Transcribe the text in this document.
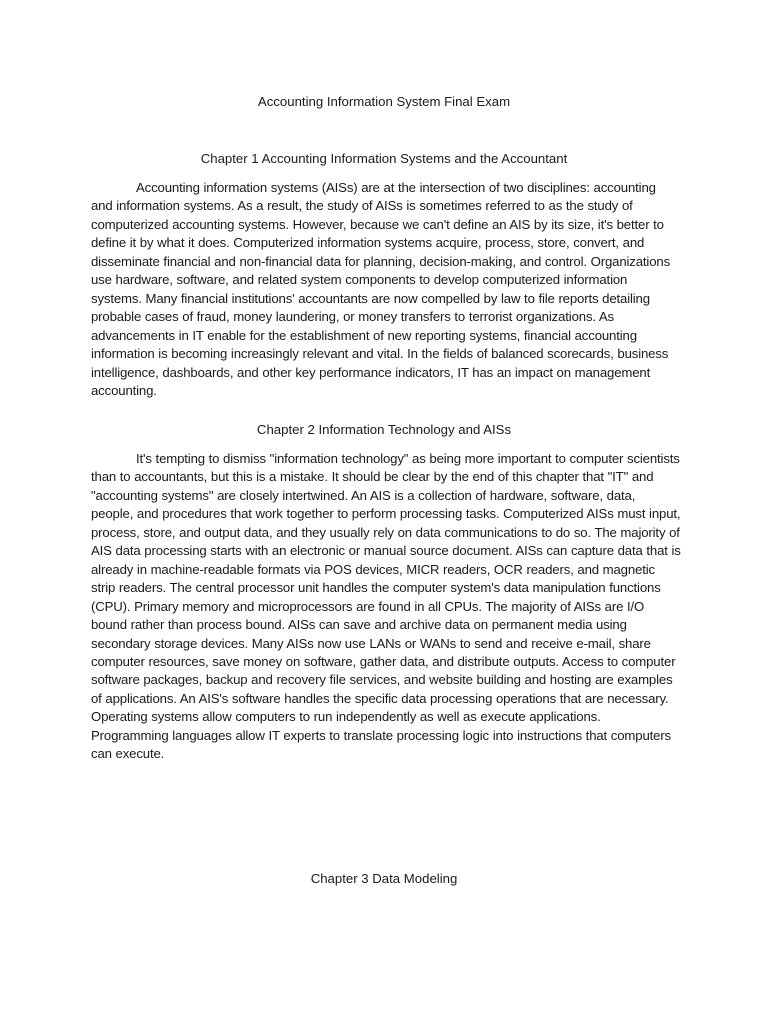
Accounting Information System Final Exam
Chapter 1 Accounting Information Systems and the Accountant

Accounting information systems (AISs) are at the intersection of two disciplines: accounting and information systems. As a result, the study of AISs is sometimes referred to as the study of computerized accounting systems. However, because we can't define an AIS by its size, it's better to define it by what it does. Computerized information systems acquire, process, store, convert, and disseminate financial and non-financial data for planning, decision-making, and control. Organizations use hardware, software, and related system components to develop computerized information systems. Many financial institutions' accountants are now compelled by law to file reports detailing probable cases of fraud, money laundering, or money transfers to terrorist organizations. As advancements in IT enable for the establishment of new reporting systems, financial accounting information is becoming increasingly relevant and vital. In the fields of balanced scorecards, business intelligence, dashboards, and other key performance indicators, IT has an impact on management accounting.

Chapter 2 Information Technology and AISs

It's tempting to dismiss "information technology" as being more important to computer scientists than to accountants, but this is a mistake. It should be clear by the end of this chapter that "IT" and "accounting systems" are closely intertwined. An AIS is a collection of hardware, software, data, people, and procedures that work together to perform processing tasks. Computerized AISs must input, process, store, and output data, and they usually rely on data communications to do so. The majority of AIS data processing starts with an electronic or manual source document. AISs can capture data that is already in machine-readable formats via POS devices, MICR readers, OCR readers, and magnetic strip readers. The central processor unit handles the computer system's data manipulation functions (CPU). Primary memory and microprocessors are found in all CPUs. The majority of AISs are I/O bound rather than process bound. AISs can save and archive data on permanent media using secondary storage devices. Many AISs now use LANs or WANs to send and receive e-mail, share computer resources, save money on software, gather data, and distribute outputs. Access to computer software packages, backup and recovery file services, and website building and hosting are examples of applications. An AIS's software handles the specific data processing operations that are necessary. Operating systems allow computers to run independently as well as execute applications. Programming languages allow IT experts to translate processing logic into instructions that computers can execute.

Chapter 3 Data Modeling
